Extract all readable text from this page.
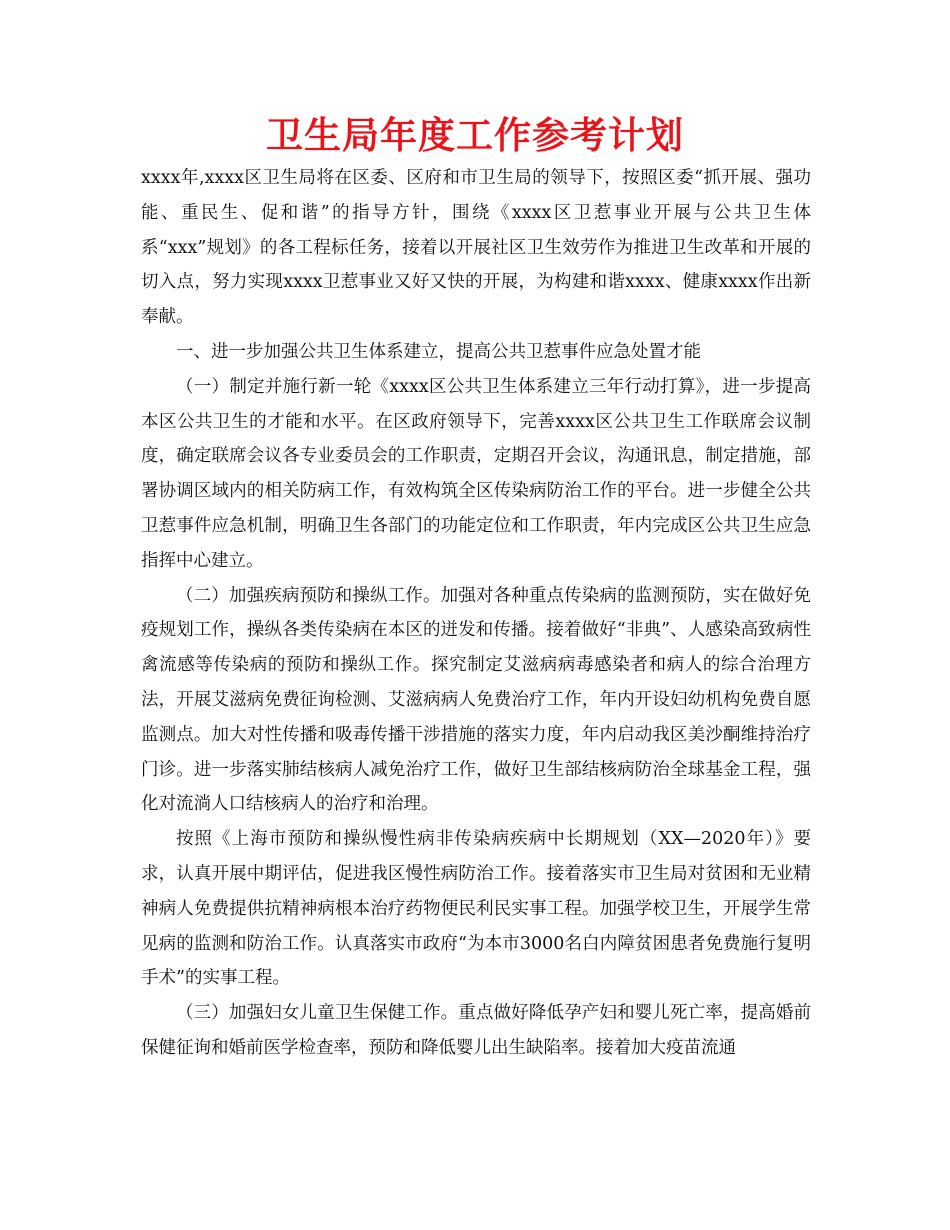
卫生局年度工作参考计划

xxxx年,xxxx区卫生局将在区委、区府和市卫生局的领导下，按照区委“抓开展、强功能、重民生、促和谐”的指导方针，围绕《xxxx区卫惹事业开展与公共卫生体系“xxx”规划》的各工程标任务，接着以开展社区卫生效劳作为推进卫生改革和开展的切入点，努力实现xxxx卫惹事业又好又快的开展，为构建和谐xxxx、健康xxxx作出新奉献。

一、进一步加强公共卫生体系建立，提高公共卫惹事件应急处置才能

（一）制定并施行新一轮《xxxx区公共卫生体系建立三年行动打算》，进一步提高本区公共卫生的才能和水平。在区政府领导下，完善xxxx区公共卫生工作联席会议制度，确定联席会议各专业委员会的工作职责，定期召开会议，沟通讯息，制定措施，部署协调区域内的相关防病工作，有效构筑全区传染病防治工作的平台。进一步健全公共卫惹事件应急机制，明确卫生各部门的功能定位和工作职责，年内完成区公共卫生应急指挥中心建立。

（二）加强疾病预防和操纵工作。加强对各种重点传染病的监测预防，实在做好免疫规划工作，操纵各类传染病在本区的迸发和传播。接着做好“非典”、人感染高致病性禽流感等传染病的预防和操纵工作。探究制定艾滋病病毒感染者和病人的综合治理方法，开展艾滋病免费征询检测、艾滋病病人免费治疗工作，年内开设妇幼机构免费自愿监测点。加大对性传播和吸毒传播干涉措施的落实力度，年内启动我区美沙酮维持治疗门诊。进一步落实肺结核病人减免治疗工作，做好卫生部结核病防治全球基金工程，强化对流淌人口结核病人的治疗和治理。

按照《上海市预防和操纵慢性病非传染病疾病中长期规划（XX—2020年）》要求，认真开展中期评估，促进我区慢性病防治工作。接着落实市卫生局对贫困和无业精神病人免费提供抗精神病根本治疗药物便民利民实事工程。加强学校卫生，开展学生常见病的监测和防治工作。认真落实市政府“为本市3000名白内障贫困患者免费施行复明手术”的实事工程。

（三）加强妇女儿童卫生保健工作。重点做好降低孕产妇和婴儿死亡率，提高婚前保健征询和婚前医学检查率，预防和降低婴儿出生缺陷率。接着加大疫苗流通
